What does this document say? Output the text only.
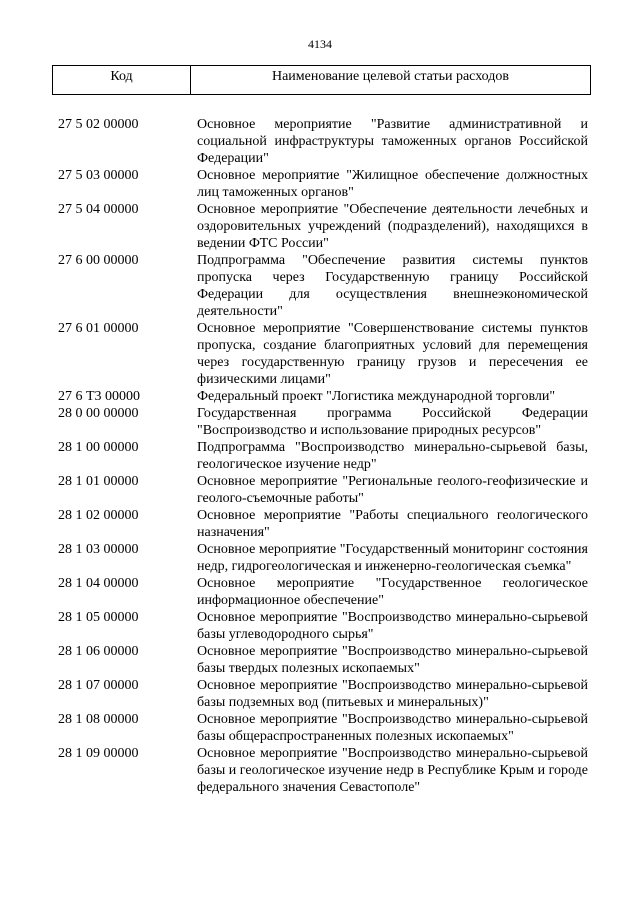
4134
Код	Наименование целевой статьи расходов
27 5 02 00000	Основное мероприятие "Развитие административной и социальной инфраструктуры таможенных органов Российской Федерации"
27 5 03 00000	Основное мероприятие "Жилищное обеспечение должностных лиц таможенных органов"
27 5 04 00000	Основное мероприятие "Обеспечение деятельности лечебных и оздоровительных учреждений (подразделений), находящихся в ведении ФТС России"
27 6 00 00000	Подпрограмма "Обеспечение развития системы пунктов пропуска через Государственную границу Российской Федерации для осуществления внешнеэкономической деятельности"
27 6 01 00000	Основное мероприятие "Совершенствование системы пунктов пропуска, создание благоприятных условий для перемещения через государственную границу грузов и пересечения ее физическими лицами"
27 6 Т3 00000	Федеральный проект "Логистика международной торговли"
28 0 00 00000	Государственная программа Российской Федерации "Воспроизводство и использование природных ресурсов"
28 1 00 00000	Подпрограмма "Воспроизводство минерально-сырьевой базы, геологическое изучение недр"
28 1 01 00000	Основное мероприятие "Региональные геолого-геофизические и геолого-съемочные работы"
28 1 02 00000	Основное мероприятие "Работы специального геологического назначения"
28 1 03 00000	Основное мероприятие "Государственный мониторинг состояния недр, гидрогеологическая и инженерно-геологическая съемка"
28 1 04 00000	Основное мероприятие "Государственное геологическое информационное обеспечение"
28 1 05 00000	Основное мероприятие "Воспроизводство минерально-сырьевой базы углеводородного сырья"
28 1 06 00000	Основное мероприятие "Воспроизводство минерально-сырьевой базы твердых полезных ископаемых"
28 1 07 00000	Основное мероприятие "Воспроизводство минерально-сырьевой базы подземных вод (питьевых и минеральных)"
28 1 08 00000	Основное мероприятие "Воспроизводство минерально-сырьевой базы общераспространенных полезных ископаемых"
28 1 09 00000	Основное мероприятие "Воспроизводство минерально-сырьевой базы и геологическое изучение недр в Республике Крым и городе федерального значения Севастополе"
